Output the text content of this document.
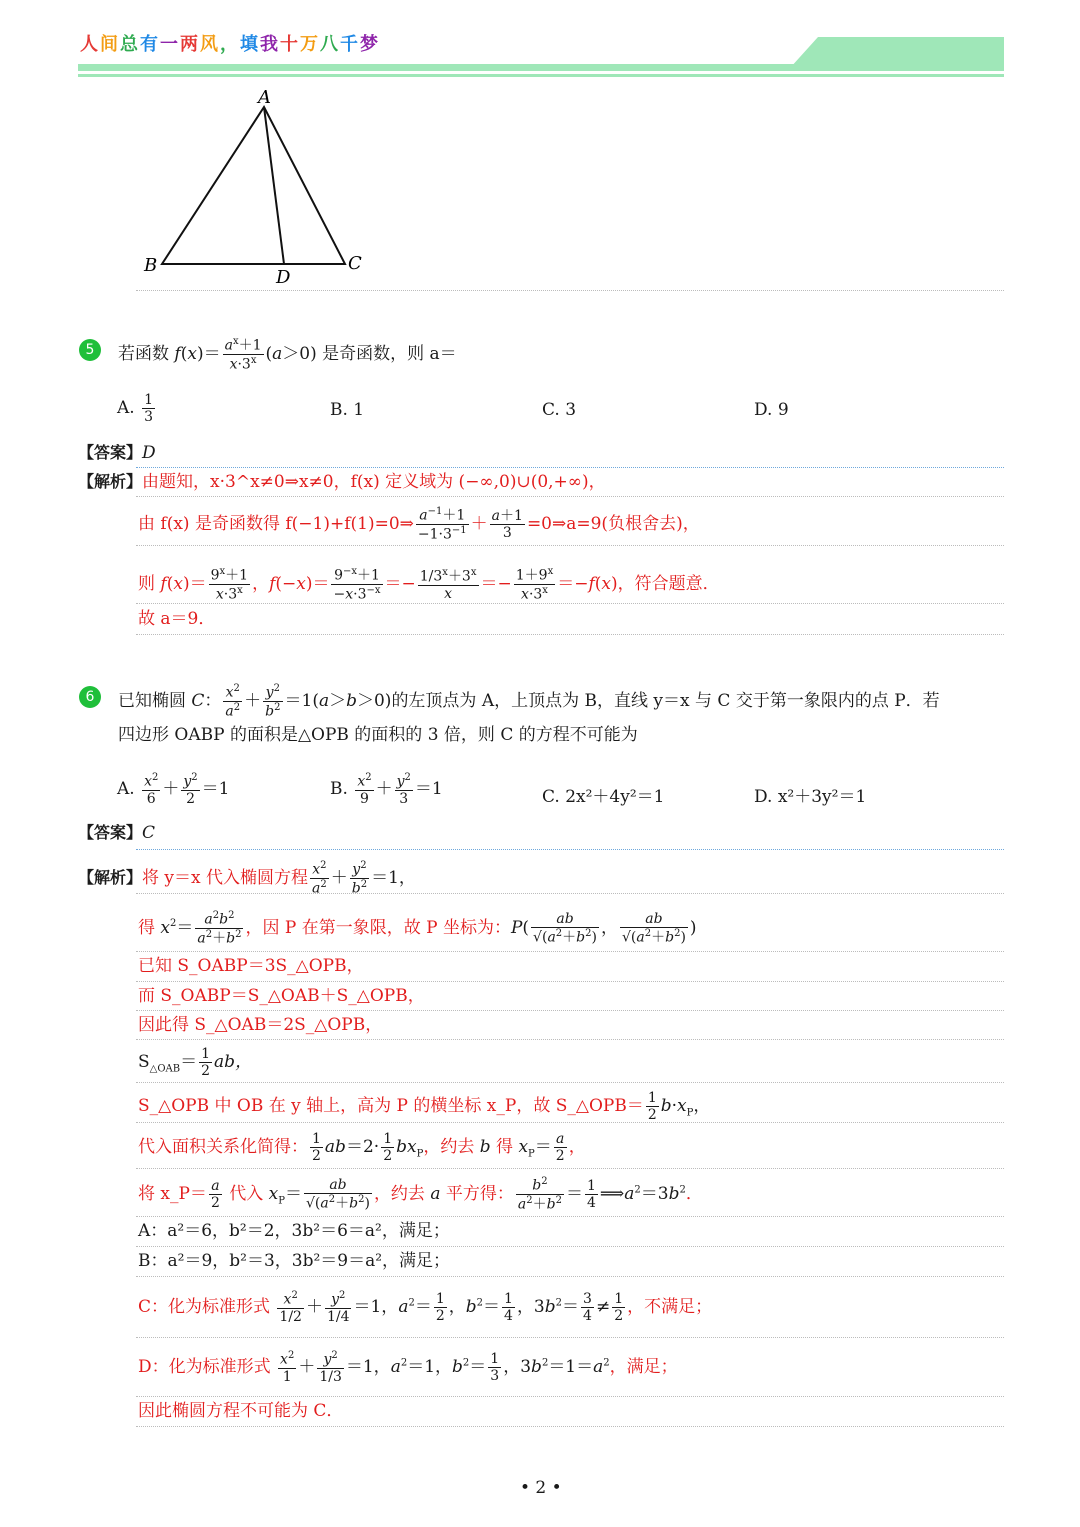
人间总有一两风，填我十万八千梦
A
B	C
D
5	若函数 $f(x)= \frac{a^x+1}{x\cdot 3^x} (a>0)$ 是奇函数，则 a＝
A. $\frac{1}{3}$	B. 1	C. 3	D. 9
【答案】D
【解析】由题知，x·3^x≠0⇒x≠0，f(x) 定义域为 (−∞,0)∪(0,+∞)，
由 f(x) 是奇函数得 f(−1)+f(1)=0⇒ $\frac{a^{-1}+1}{-1\cdot 3^{-1}} + \frac{a+1}{3}$ =0⇒a=9(负根舍去)，
则 $f(x)= \frac{9^x+1}{x\cdot 3^x}$ ，$f(-x)= \frac{9^{-x}+1}{-x\cdot 3^{-x}} =- \frac{1/3^x+3^x}{x} =- \frac{1+9^x}{x\cdot 3^x} =-f(x)$，符合题意．
故 a＝9．
6	已知椭圆 C： $\frac{x^2}{a^2} + \frac{y^2}{b^2} =1(a>b>0)$的左顶点为 A，上顶点为 B，直线 y＝x 与 C 交于第一象限内的点 P．若
四边形 OABP 的面积是△OPB 的面积的 3 倍，则 C 的方程不可能为
A. $\frac{x^2}{6} + \frac{y^2}{2} =1$	B. $\frac{x^2}{9} + \frac{y^2}{3} =1$	C. 2x²＋4y²＝1	D. x²＋3y²＝1
【答案】C
【解析】将 y＝x 代入椭圆方程 $\frac{x^2}{a^2} + \frac{y^2}{b^2} =1$，
得 $x^2= \frac{a^2b^2}{a^2+b^2}$ ，因 P 在第一象限，故 P 坐标为：$P( \frac{ab}{√(a^2+b^2)}$ ， $\frac{ab}{√(a^2+b^2)}$ )
已知 S_OABP＝3S_△OPB，
而 S_OABP＝S_△OAB＋S_△OPB，
因此得 S_△OAB＝2S_△OPB，
$S_{\triangle OAB}= \frac{1}{2}$ ab，
S_△OPB 中 OB 在 y 轴上，高为 P 的横坐标 x_P，故 S_△OPB＝ $\frac{1}{2} b\cdot x_P$，
代入面积关系化简得： $\frac{1}{2} ab=2\cdot \frac{1}{2} bx_P$，约去 b 得 $x_P= \frac{a}{2}$ ，
将 x_P＝ $\frac{a}{2}$ 代入 $x_P= \frac{ab}{√(a^2+b^2)}$ ，约去 a 平方得： $\frac{b^2}{a^2+b^2} = \frac{1}{4}$ $⟹a^2=3b^2$．
A：a²＝6，b²＝2，3b²＝6＝a²，满足；
B：a²＝9，b²＝3，3b²＝9＝a²，满足；
C：化为标准形式 $\frac{x^2}{1/2} + \frac{y^2}{1/4} =1$，$a^2= \frac{1}{2}$ ，$b^2= \frac{1}{4}$ ，$3b^2= \frac{3}{4} \ne \frac{1}{2}$ ，不满足；
D：化为标准形式 $\frac{x^2}{1} + \frac{y^2}{1/3} =1$，$a^2=1$，$b^2= \frac{1}{3}$ ，$3b^2=1=a^2$，满足；
因此椭圆方程不可能为 C．
• 2 •
